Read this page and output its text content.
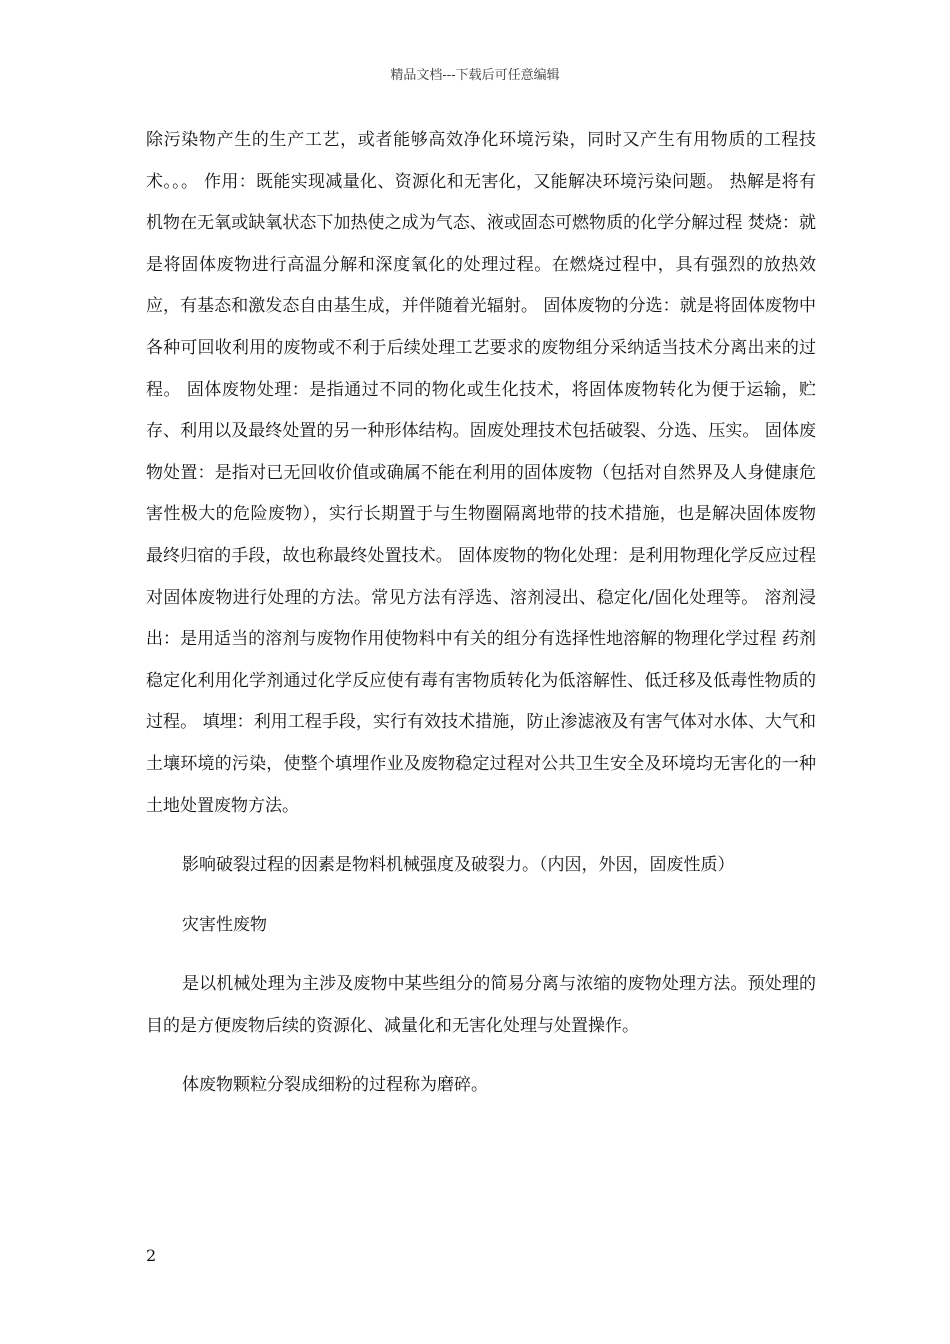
精品文档---下载后可任意编辑

除污染物产生的生产工艺，或者能够高效净化环境污染，同时又产生有用物质的工程技术。。。 作用：既能实现减量化、资源化和无害化，又能解决环境污染问题。 热解是将有机物在无氧或缺氧状态下加热使之成为气态、液或固态可燃物质的化学分解过程 焚烧：就是将固体废物进行高温分解和深度氧化的处理过程。在燃烧过程中，具有强烈的放热效应，有基态和激发态自由基生成，并伴随着光辐射。 固体废物的分选：就是将固体废物中各种可回收利用的废物或不利于后续处理工艺要求的废物组分采纳适当技术分离出来的过程。 固体废物处理：是指通过不同的物化或生化技术，将固体废物转化为便于运输，贮存、利用以及最终处置的另一种形体结构。固废处理技术包括破裂、分选、压实。 固体废物处置：是指对已无回收价值或确属不能在利用的固体废物（包括对自然界及人身健康危害性极大的危险废物），实行长期置于与生物圈隔离地带的技术措施，也是解决固体废物最终归宿的手段，故也称最终处置技术。 固体废物的物化处理：是利用物理化学反应过程对固体废物进行处理的方法。常见方法有浮选、溶剂浸出、稳定化/固化处理等。 溶剂浸出：是用适当的溶剂与废物作用使物料中有关的组分有选择性地溶解的物理化学过程 药剂稳定化利用化学剂通过化学反应使有毒有害物质转化为低溶解性、低迁移及低毒性物质的过程。 填埋：利用工程手段，实行有效技术措施，防止渗滤液及有害气体对水体、大气和土壤环境的污染，使整个填埋作业及废物稳定过程对公共卫生安全及环境均无害化的一种土地处置废物方法。

影响破裂过程的因素是物料机械强度及破裂力。（内因，外因，固废性质）

灾害性废物

是以机械处理为主涉及废物中某些组分的简易分离与浓缩的废物处理方法。预处理的目的是方便废物后续的资源化、减量化和无害化处理与处置操作。

体废物颗粒分裂成细粉的过程称为磨碎。

2
